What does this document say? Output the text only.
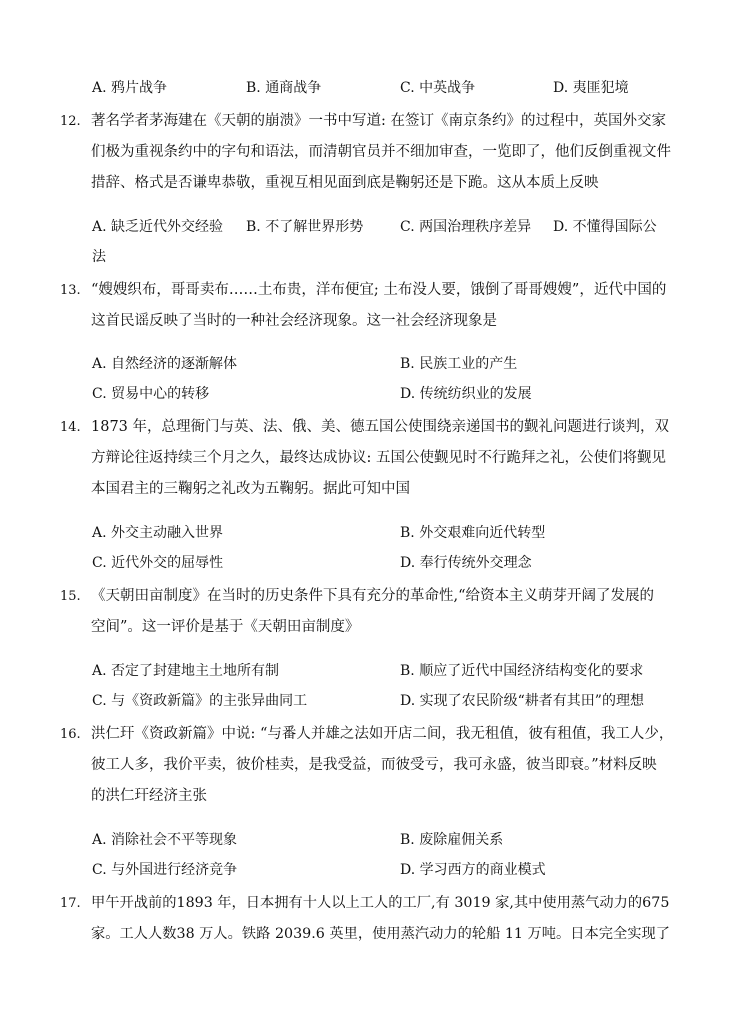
A. 鸦片战争	B. 通商战争	C. 中英战争	D. 夷匪犯境
12. 著名学者茅海建在《天朝的崩溃》一书中写道: 在签订《南京条约》的过程中，英国外交家
们极为重视条约中的字句和语法，而清朝官员并不细加审查，一览即了，他们反倒重视文件
措辞、格式是否谦卑恭敬，重视互相见面到底是鞠躬还是下跪。这从本质上反映
A. 缺乏近代外交经验 B. 不了解世界形势	C. 两国治理秩序差异 D. 不懂得国际公
法
13. “嫂嫂织布，哥哥卖布……土布贵，洋布便宜; 土布没人要，饿倒了哥哥嫂嫂”，近代中国的
这首民谣反映了当时的一种社会经济现象。这一社会经济现象是
A. 自然经济的逐渐解体	B. 民族工业的产生
C. 贸易中心的转移	D. 传统纺织业的发展
14. 1873 年，总理衙门与英、法、俄、美、德五国公使围绕亲递国书的觐礼问题进行谈判，双
方辩论往返持续三个月之久，最终达成协议: 五国公使觐见时不行跪拜之礼，公使们将觐见
本国君主的三鞠躬之礼改为五鞠躬。据此可知中国
A. 外交主动融入世界	B. 外交艰难向近代转型
C. 近代外交的屈辱性	D. 奉行传统外交理念
15. 《天朝田亩制度》在当时的历史条件下具有充分的革命性,“给资本主义萌芽开阔了发展的
空间”。这一评价是基于《天朝田亩制度》
A. 否定了封建地主土地所有制	B. 顺应了近代中国经济结构变化的要求
C. 与《资政新篇》的主张异曲同工	D. 实现了农民阶级“耕者有其田”的理想
16. 洪仁玕《资政新篇》中说: “与番人并雄之法如开店二间，我无租值，彼有租值，我工人少，
彼工人多，我价平卖，彼价桂卖，是我受益，而彼受亏，我可永盛，彼当即衰。”材料反映
的洪仁玕经济主张
A. 消除社会不平等现象	B. 废除雇佣关系
C. 与外国进行经济竞争	D. 学习西方的商业模式
17. 甲午开战前的1893 年，日本拥有十人以上工人的工厂,有 3019 家,其中使用蒸气动力的675
家。工人人数38 万人。铁路 2039.6 英里，使用蒸汽动力的轮船 11 万吨。日本完全实现了
